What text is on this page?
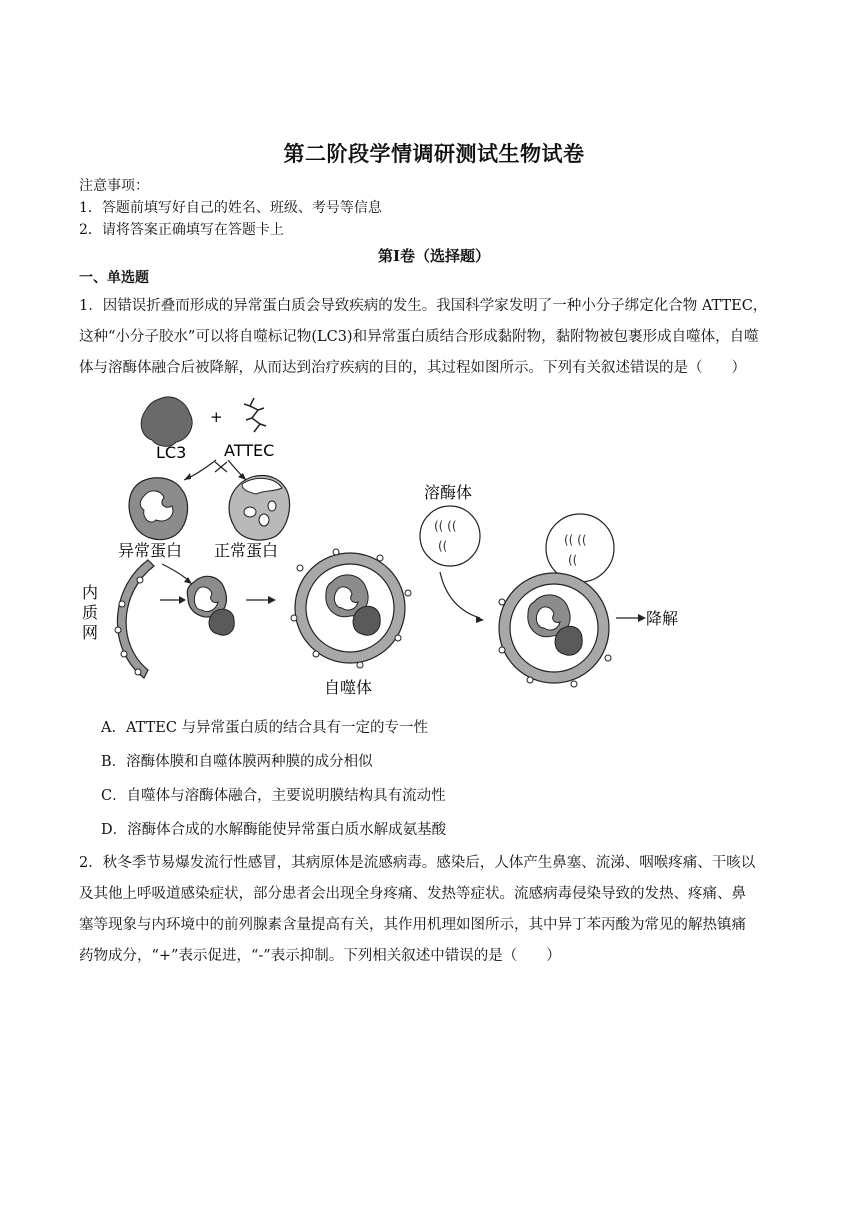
第二阶段学情调研测试生物试卷
注意事项：
1．答题前填写好自己的姓名、班级、考号等信息
2．请将答案正确填写在答题卡上
第Ⅰ卷（选择题）
一、单选题
1．因错误折叠而形成的异常蛋白质会导致疾病的发生。我国科学家发明了一种小分子绑定化合物 ATTEC，
这种“小分子胶水”可以将自噬标记物(LC3)和异常蛋白质结合形成黏附物，黏附物被包裹形成自噬体，自噬
体与溶酶体融合后被降解，从而达到治疗疾病的目的，其过程如图所示。下列有关叙述错误的是（　　）
+
LC3 ATTEC
异常蛋白 正常蛋白
内
质
网
自噬体
溶酶体
(( ((
((	(( ((
((
降解
A．ATTEC 与异常蛋白质的结合具有一定的专一性
B．溶酶体膜和自噬体膜两种膜的成分相似
C．自噬体与溶酶体融合，主要说明膜结构具有流动性
D．溶酶体合成的水解酶能使异常蛋白质水解成氨基酸
2．秋冬季节易爆发流行性感冒，其病原体是流感病毒。感染后，人体产生鼻塞、流涕、咽喉疼痛、干咳以
及其他上呼吸道感染症状，部分患者会出现全身疼痛、发热等症状。流感病毒侵染导致的发热、疼痛、鼻
塞等现象与内环境中的前列腺素含量提高有关，其作用机理如图所示，其中异丁苯丙酸为常见的解热镇痛
药物成分，“+”表示促进，“-”表示抑制。下列相关叙述中错误的是（　　）
